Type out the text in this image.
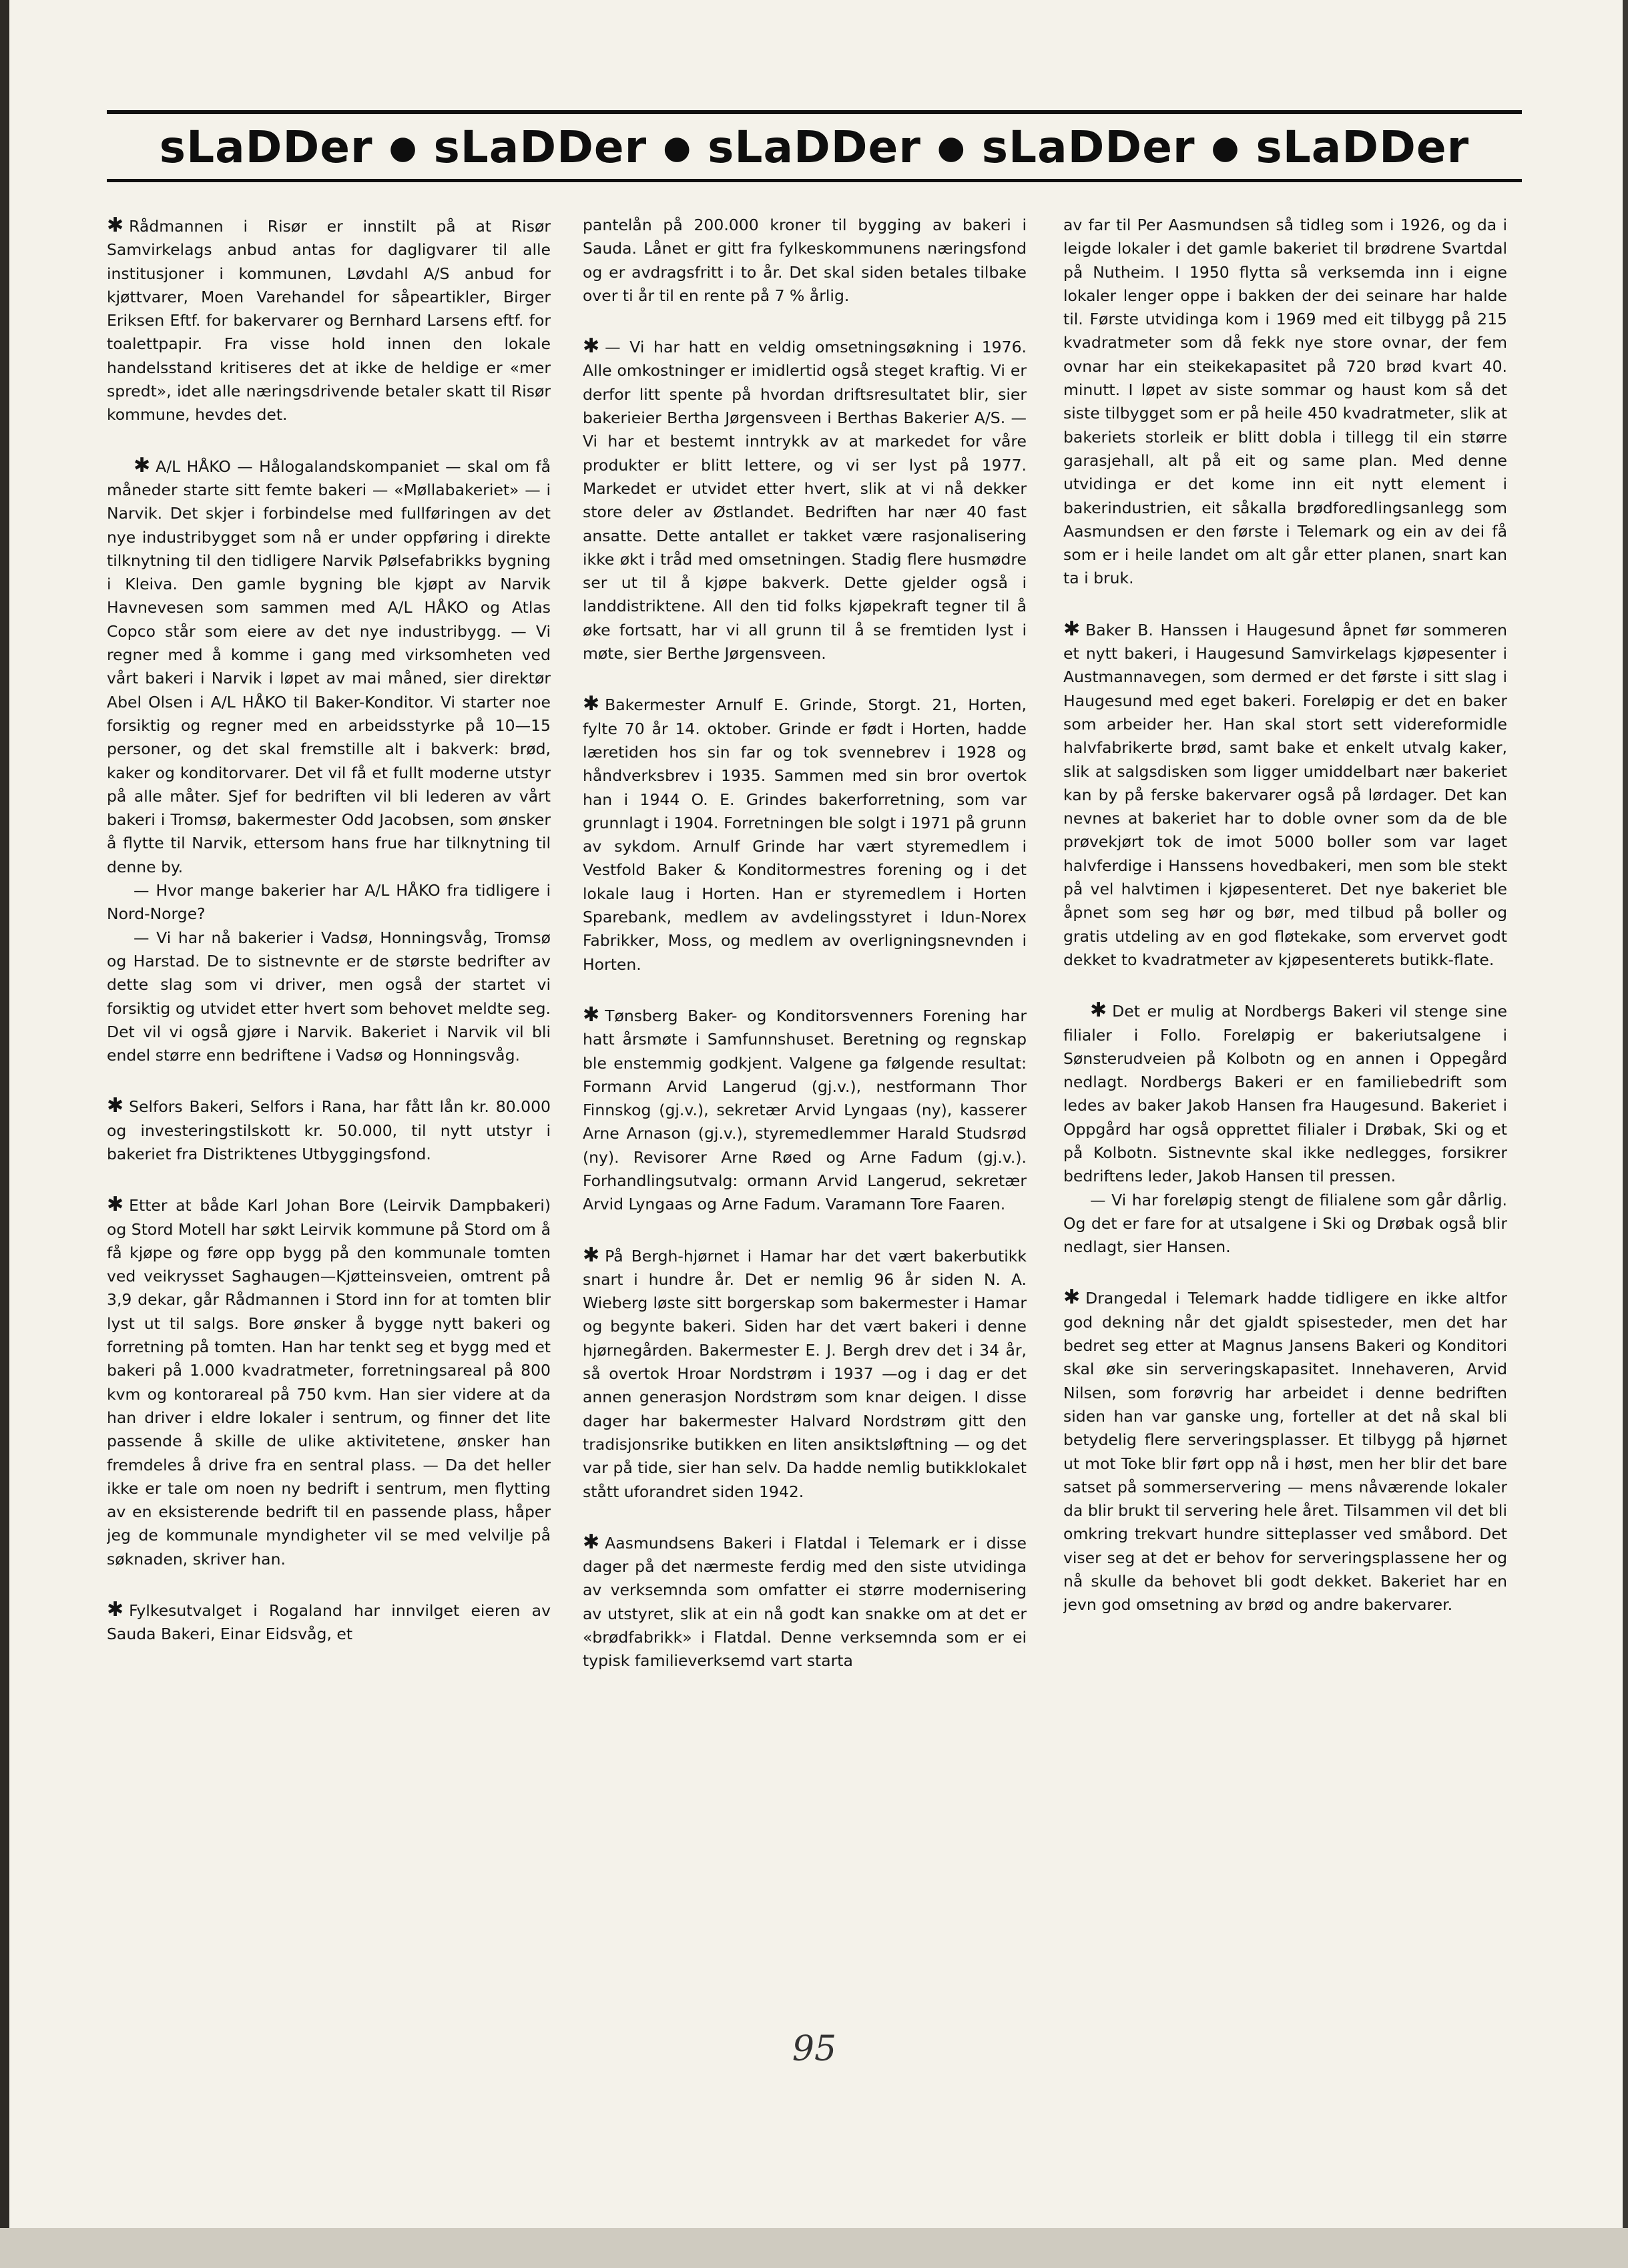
sLaDDer ● sLaDDer ● sLaDDer ● sLaDDer ● sLaDDer

✱ Rådmannen i Risør er innstilt på at Risør Samvirkelags anbud antas for dagligvarer til alle institusjoner i kommunen, Løvdahl A/S anbud for kjøttvarer, Moen Varehandel for såpeartikler, Birger Eriksen Eftf. for bakervarer og Bernhard Larsens eftf. for toalettpapir. Fra visse hold innen den lokale handelsstand kritiseres det at ikke de heldige er «mer spredt», idet alle næringsdrivende betaler skatt til Risør kommune, hevdes det.

✱ A/L HÅKO — Hålogalandskompaniet — skal om få måneder starte sitt femte bakeri — «Møllabakeriet» — i Narvik. Det skjer i forbindelse med fullføringen av det nye industribygget som nå er under oppføring i direkte tilknytning til den tidligere Narvik Pølsefabrikks bygning i Kleiva. Den gamle bygning ble kjøpt av Narvik Havnevesen som sammen med A/L HÅKO og Atlas Copco står som eiere av det nye industribygg. — Vi regner med å komme i gang med virksomheten ved vårt bakeri i Narvik i løpet av mai måned, sier direktør Abel Olsen i A/L HÅKO til Baker-Konditor. Vi starter noe forsiktig og regner med en arbeidsstyrke på 10—15 personer, og det skal fremstille alt i bakverk: brød, kaker og konditorvarer. Det vil få et fullt moderne utstyr på alle måter. Sjef for bedriften vil bli lederen av vårt bakeri i Tromsø, bakermester Odd Jacobsen, som ønsker å flytte til Narvik, ettersom hans frue har tilknytning til denne by.

— Hvor mange bakerier har A/L HÅKO fra tidligere i Nord-Norge?

— Vi har nå bakerier i Vadsø, Honningsvåg, Tromsø og Harstad. De to sistnevnte er de største bedrifter av dette slag som vi driver, men også der startet vi forsiktig og utvidet etter hvert som behovet meldte seg. Det vil vi også gjøre i Narvik. Bakeriet i Narvik vil bli endel større enn bedriftene i Vadsø og Honningsvåg.

✱ Selfors Bakeri, Selfors i Rana, har fått lån kr. 80.000 og investeringstilskott kr. 50.000, til nytt utstyr i bakeriet fra Distriktenes Utbyggingsfond.

✱ Etter at både Karl Johan Bore (Leirvik Dampbakeri) og Stord Motell har søkt Leirvik kommune på Stord om å få kjøpe og føre opp bygg på den kommunale tomten ved veikrysset Saghaugen—Kjøtteinsveien, omtrent på 3,9 dekar, går Rådmannen i Stord inn for at tomten blir lyst ut til salgs. Bore ønsker å bygge nytt bakeri og forretning på tomten. Han har tenkt seg et bygg med et bakeri på 1.000 kvadratmeter, forretningsareal på 800 kvm og kontorareal på 750 kvm. Han sier videre at da han driver i eldre lokaler i sentrum, og finner det lite passende å skille de ulike aktivitetene, ønsker han fremdeles å drive fra en sentral plass. — Da det heller ikke er tale om noen ny bedrift i sentrum, men flytting av en eksisterende bedrift til en passende plass, håper jeg de kommunale myndigheter vil se med velvilje på søknaden, skriver han.

✱ Fylkesutvalget i Rogaland har innvilget eieren av Sauda Bakeri, Einar Eidsvåg, et

pantelån på 200.000 kroner til bygging av bakeri i Sauda. Lånet er gitt fra fylkeskommunens næringsfond og er avdragsfritt i to år. Det skal siden betales tilbake over ti år til en rente på 7 % årlig.

✱ — Vi har hatt en veldig omsetningsøkning i 1976. Alle omkostninger er imidlertid også steget kraftig. Vi er derfor litt spente på hvordan driftsresultatet blir, sier bakerieier Bertha Jørgensveen i Berthas Bakerier A/S. — Vi har et bestemt inntrykk av at markedet for våre produkter er blitt lettere, og vi ser lyst på 1977. Markedet er utvidet etter hvert, slik at vi nå dekker store deler av Østlandet. Bedriften har nær 40 fast ansatte. Dette antallet er takket være rasjonalisering ikke økt i tråd med omsetningen. Stadig flere husmødre ser ut til å kjøpe bakverk. Dette gjelder også i landdistriktene. All den tid folks kjøpekraft tegner til å øke fortsatt, har vi all grunn til å se fremtiden lyst i møte, sier Berthe Jørgensveen.

✱ Bakermester Arnulf E. Grinde, Storgt. 21, Horten, fylte 70 år 14. oktober. Grinde er født i Horten, hadde læretiden hos sin far og tok svennebrev i 1928 og håndverksbrev i 1935. Sammen med sin bror overtok han i 1944 O. E. Grindes bakerforretning, som var grunnlagt i 1904. Forretningen ble solgt i 1971 på grunn av sykdom. Arnulf Grinde har vært styremedlem i Vestfold Baker & Konditormestres forening og i det lokale laug i Horten. Han er styremedlem i Horten Sparebank, medlem av avdelingsstyret i Idun-Norex Fabrikker, Moss, og medlem av overligningsnevnden i Horten.

✱ Tønsberg Baker- og Konditorsvenners Forening har hatt årsmøte i Samfunnshuset. Beretning og regnskap ble enstemmig godkjent. Valgene ga følgende resultat: Formann Arvid Langerud (gj.v.), nestformann Thor Finnskog (gj.v.), sekretær Arvid Lyngaas (ny), kasserer Arne Arnason (gj.v.), styremedlemmer Harald Studsrød (ny). Revisorer Arne Røed og Arne Fadum (gj.v.). Forhandlingsutvalg: ormann Arvid Langerud, sekretær Arvid Lyngaas og Arne Fadum. Varamann Tore Faaren.

✱ På Bergh-hjørnet i Hamar har det vært bakerbutikk snart i hundre år. Det er nemlig 96 år siden N. A. Wieberg løste sitt borgerskap som bakermester i Hamar og begynte bakeri. Siden har det vært bakeri i denne hjørnegården. Bakermester E. J. Bergh drev det i 34 år, så overtok Hroar Nordstrøm i 1937 —og i dag er det annen generasjon Nordstrøm som knar deigen. I disse dager har bakermester Halvard Nordstrøm gitt den tradisjonsrike butikken en liten ansiktsløftning — og det var på tide, sier han selv. Da hadde nemlig butikklokalet stått uforandret siden 1942.

✱ Aasmundsens Bakeri i Flatdal i Telemark er i disse dager på det nærmeste ferdig med den siste utvidinga av verksemnda som omfatter ei større modernisering av utstyret, slik at ein nå godt kan snakke om at det er «brødfabrikk» i Flatdal. Denne verksemnda som er ei typisk familieverksemd vart starta

av far til Per Aasmundsen så tidleg som i 1926, og da i leigde lokaler i det gamle bakeriet til brødrene Svartdal på Nutheim. I 1950 flytta så verksemda inn i eigne lokaler lenger oppe i bakken der dei seinare har halde til. Første utvidinga kom i 1969 med eit tilbygg på 215 kvadratmeter som då fekk nye store ovnar, der fem ovnar har ein steikekapasitet på 720 brød kvart 40. minutt. I løpet av siste sommar og haust kom så det siste tilbygget som er på heile 450 kvadratmeter, slik at bakeriets storleik er blitt dobla i tillegg til ein større garasjehall, alt på eit og same plan. Med denne utvidinga er det kome inn eit nytt element i bakerindustrien, eit såkalla brødforedlingsanlegg som Aasmundsen er den første i Telemark og ein av dei få som er i heile landet om alt går etter planen, snart kan ta i bruk.

✱ Baker B. Hanssen i Haugesund åpnet før sommeren et nytt bakeri, i Haugesund Samvirkelags kjøpesenter i Austmannavegen, som dermed er det første i sitt slag i Haugesund med eget bakeri. Foreløpig er det en baker som arbeider her. Han skal stort sett videreformidle halvfabrikerte brød, samt bake et enkelt utvalg kaker, slik at salgsdisken som ligger umiddelbart nær bakeriet kan by på ferske bakervarer også på lørdager. Det kan nevnes at bakeriet har to doble ovner som da de ble prøvekjørt tok de imot 5000 boller som var laget halvferdige i Hanssens hovedbakeri, men som ble stekt på vel halvtimen i kjøpesenteret. Det nye bakeriet ble åpnet som seg hør og bør, med tilbud på boller og gratis utdeling av en god fløtekake, som ervervet godt dekket to kvadratmeter av kjøpesenterets butikk-flate.

✱ Det er mulig at Nordbergs Bakeri vil stenge sine filialer i Follo. Foreløpig er bakeriutsalgene i Sønsterudveien på Kolbotn og en annen i Oppegård nedlagt. Nordbergs Bakeri er en familiebedrift som ledes av baker Jakob Hansen fra Haugesund. Bakeriet i Oppgård har også opprettet filialer i Drøbak, Ski og et på Kolbotn. Sistnevnte skal ikke nedlegges, forsikrer bedriftens leder, Jakob Hansen til pressen.

— Vi har foreløpig stengt de filialene som går dårlig. Og det er fare for at utsalgene i Ski og Drøbak også blir nedlagt, sier Hansen.

✱ Drangedal i Telemark hadde tidligere en ikke altfor god dekning når det gjaldt spisesteder, men det har bedret seg etter at Magnus Jansens Bakeri og Konditori skal øke sin serveringskapasitet. Innehaveren, Arvid Nilsen, som forøvrig har arbeidet i denne bedriften siden han var ganske ung, forteller at det nå skal bli betydelig flere serveringsplasser. Et tilbygg på hjørnet ut mot Toke blir ført opp nå i høst, men her blir det bare satset på sommerservering — mens nåværende lokaler da blir brukt til servering hele året. Tilsammen vil det bli omkring trekvart hundre sitteplasser ved småbord. Det viser seg at det er behov for serveringsplassene her og nå skulle da behovet bli godt dekket. Bakeriet har en jevn god omsetning av brød og andre bakervarer.

95
